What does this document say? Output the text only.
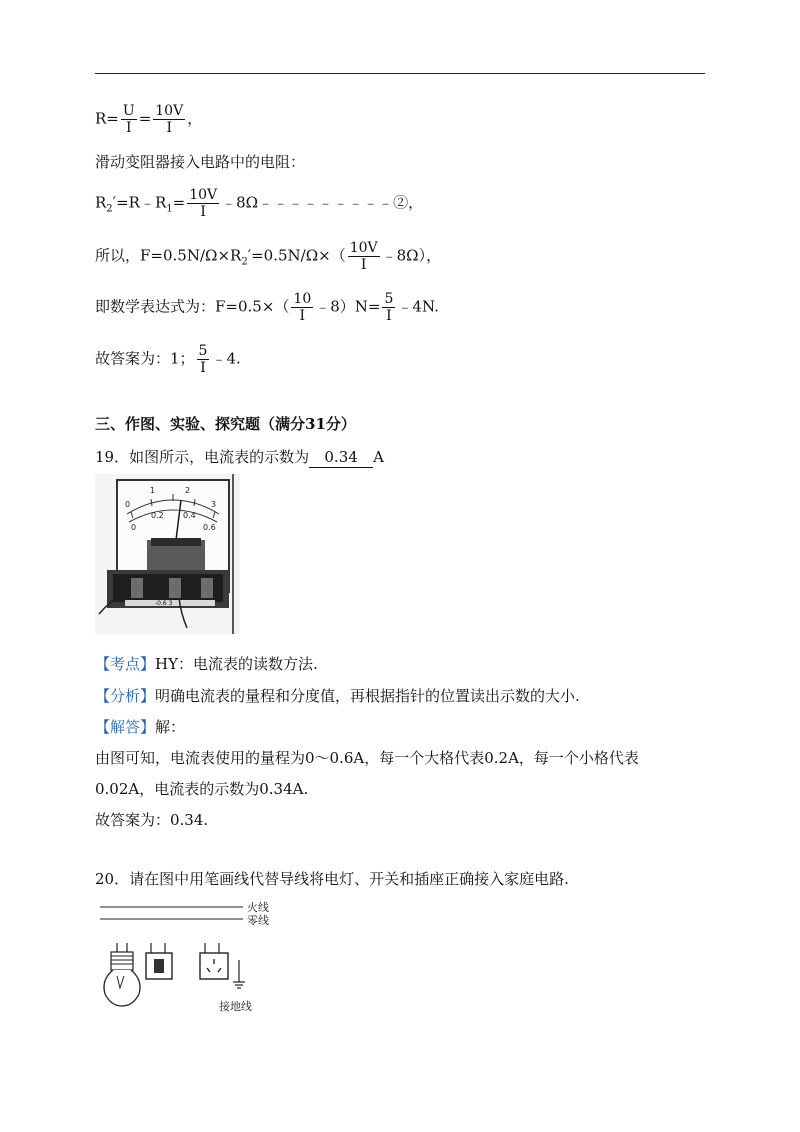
$R= \frac{U}{I} = \frac{10V}{I}$ ，
滑动变阻器接入电路中的电阻：
$R_2'=R﹣R_1= \frac{10V}{I}$ ﹣8Ω﹣﹣﹣﹣﹣﹣﹣﹣﹣②，
所以，$F=0.5N/\Omega\times R_2'=0.5N/\Omega\times( \frac{10V}{I}$ ﹣8Ω），
即数学表达式为：$F=0.5\times( \frac{10}{I}$ ﹣8）N= $\frac{5}{I}$ ﹣4N.
故答案为：1； $\frac{5}{I}$ ﹣4.
三、作图、实验、探究题（满分31分）
19．如图所示，电流表的示数为 0.34 A
0
1	2
3
0
0.2 0.4
0.6
-0.6 3
【考点】HY：电流表的读数方法.
【分析】明确电流表的量程和分度值，再根据指针的位置读出示数的大小.
【解答】解：
由图可知，电流表使用的量程为0～0.6A，每一个大格代表0.2A，每一个小格代表
0.02A，电流表的示数为0.34A.
故答案为：0.34.
20．请在图中用笔画线代替导线将电灯、开关和插座正确接入家庭电路.
火线
零线
接地线
